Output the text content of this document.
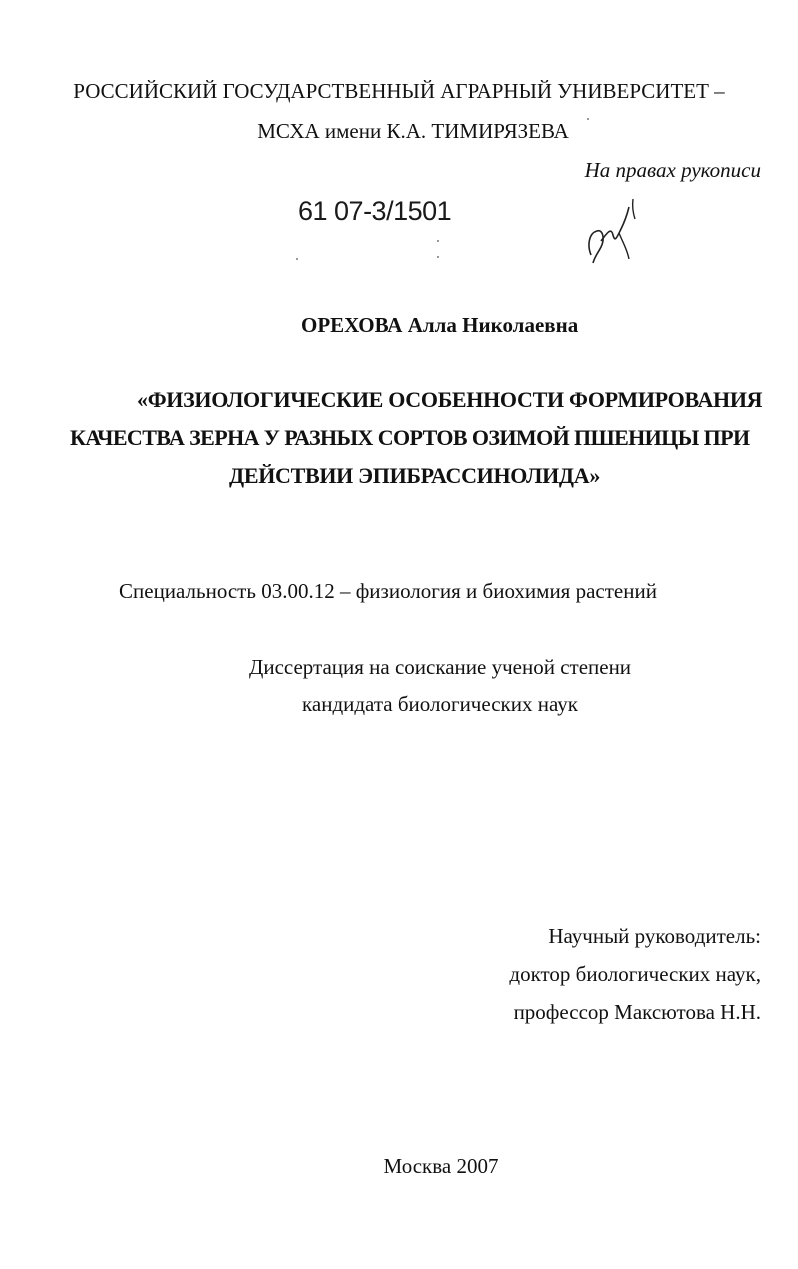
РОССИЙСКИЙ ГОСУДАРСТВЕННЫЙ АГРАРНЫЙ УНИВЕРСИТЕТ –
МСХА имени К.А. ТИМИРЯЗЕВА
На правах рукописи
61 07-3/1501
ОРЕХОВА Алла Николаевна
«ФИЗИОЛОГИЧЕСКИЕ ОСОБЕННОСТИ ФОРМИРОВАНИЯ
КАЧЕСТВА ЗЕРНА У РАЗНЫХ СОРТОВ ОЗИМОЙ ПШЕНИЦЫ ПРИ
ДЕЙСТВИИ ЭПИБРАССИНОЛИДА»
Специальность 03.00.12 – физиология и биохимия растений
Диссертация на соискание ученой степени
кандидата биологических наук
Научный руководитель:
доктор биологических наук,
профессор Максютова Н.Н.
Москва 2007
